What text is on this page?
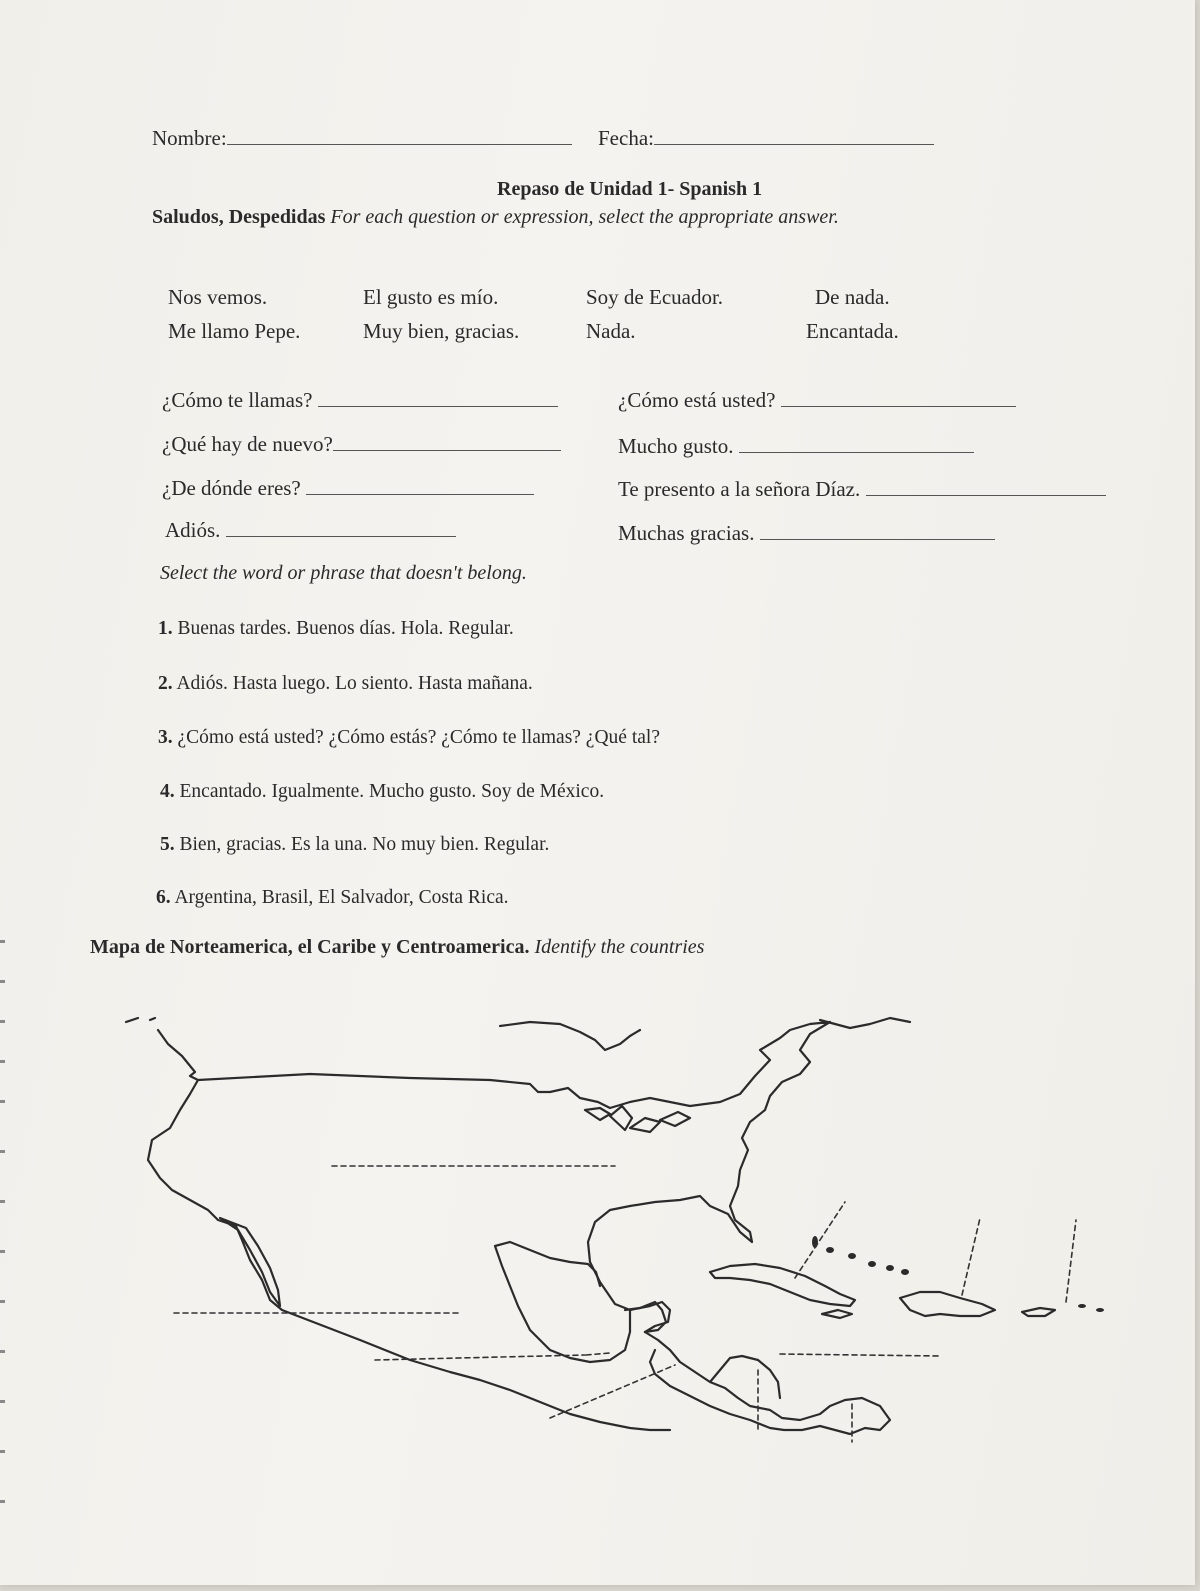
Nombre:	Fecha:
Repaso de Unidad 1- Spanish 1
Saludos, Despedidas For each question or expression, select the appropriate answer.
Nos vemos.	El gusto es mío.	Soy de Ecuador.	De nada.
Me llamo Pepe.	Muy bien, gracias.	Nada.	Encantada.
¿Cómo te llamas?
¿Qué hay de nuevo?
¿De dónde eres?
Adiós.
¿Cómo está usted?
Mucho gusto.
Te presento a la señora Díaz.
Muchas gracias.
Select the word or phrase that doesn't belong.
1. Buenas tardes. Buenos días. Hola. Regular.
2. Adiós. Hasta luego. Lo siento. Hasta mañana.
3. ¿Cómo está usted? ¿Cómo estás? ¿Cómo te llamas? ¿Qué tal?
4. Encantado. Igualmente. Mucho gusto. Soy de México.
5. Bien, gracias. Es la una. No muy bien. Regular.
6. Argentina, Brasil, El Salvador, Costa Rica.
Mapa de Norteamerica, el Caribe y Centroamerica. Identify the countries
